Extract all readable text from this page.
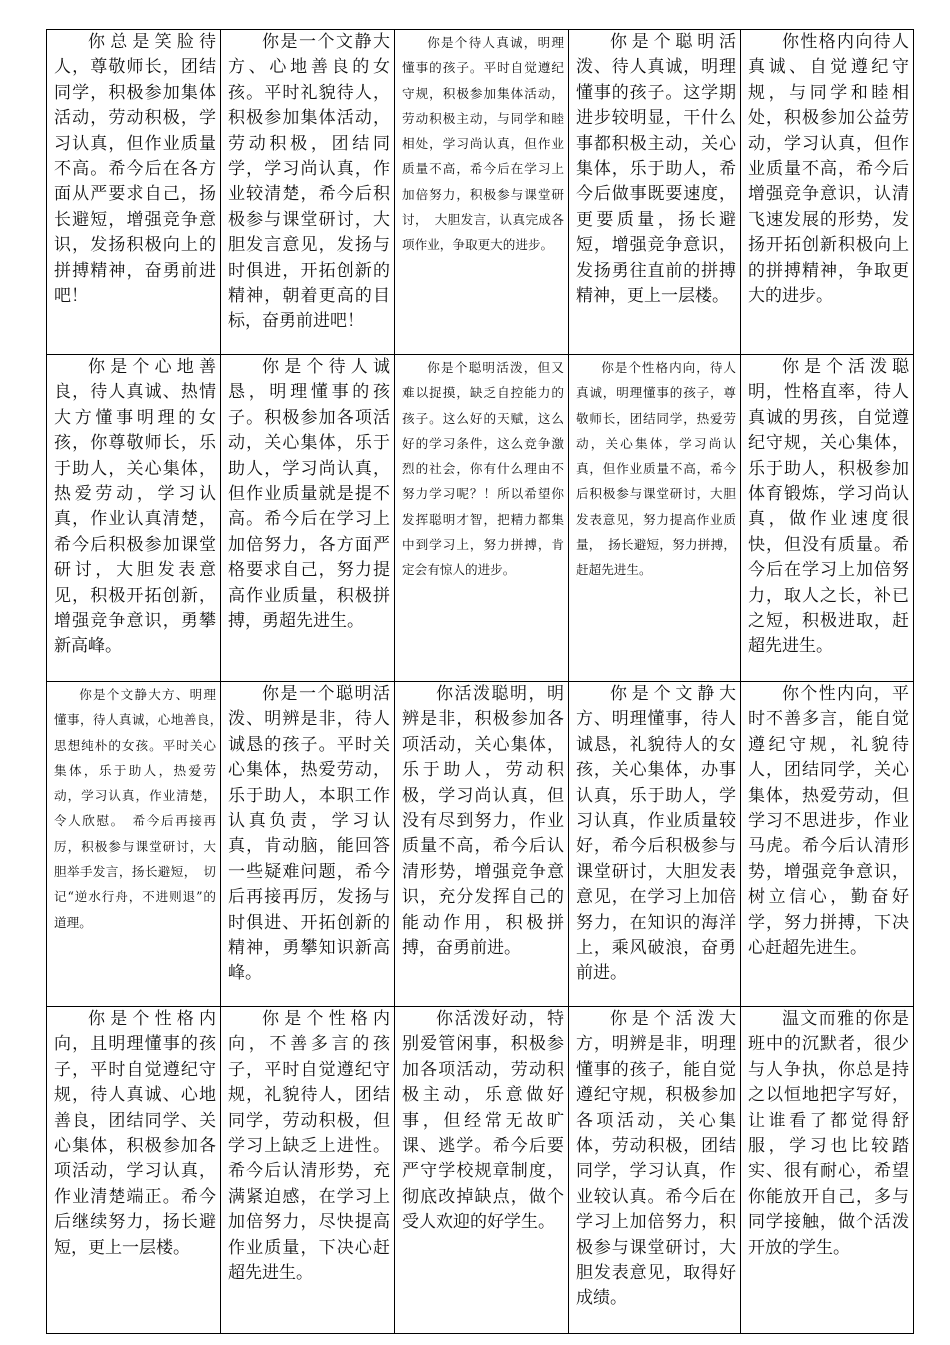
你总是笑脸待人，尊敬师长，团结同学，积极参加集体活动，劳动积极，学习认真，但作业质量不高。希今后在各方面从严要求自己，扬长避短，增强竞争意识，发扬积极向上的拼搏精神，奋勇前进吧！	你是一个文静大方、心地善良的女孩。平时礼貌待人，积极参加集体活动，劳动积极，团结同学，学习尚认真，作业较清楚，希今后积极参与课堂研讨，大胆发言意见，发扬与时俱进，开拓创新的精神，朝着更高的目标，奋勇前进吧！	你是个待人真诚，明理懂事的孩子。平时自觉遵纪守规，积极参加集体活动，劳动积极主动，与同学和睦相处，学习尚认真，但作业质量不高，希今后在学习上加倍努力，积极参与课堂研讨，　大胆发言，认真完成各项作业，争取更大的进步。	你是个聪明活泼、待人真诚，明理懂事的孩子。这学期进步较明显，干什么事都积极主动，关心集体，乐于助人，希今后做事既要速度，更要质量，扬长避短，增强竞争意识，发扬勇往直前的拼搏精神，更上一层楼。	你性格内向待人真诚、自觉遵纪守规，与同学和睦相处，积极参加公益劳动，学习认真，但作业质量不高，希今后增强竞争意识，认清飞速发展的形势，发扬开拓创新积极向上的拼搏精神，争取更大的进步。

你是个心地善良，待人真诚、热情大方懂事明理的女孩，你尊敬师长，乐于助人，关心集体，热爱劳动，学习认真，作业认真清楚，希今后积极参加课堂研讨，大胆发表意见，积极开拓创新，增强竞争意识，勇攀新高峰。	你是个待人诚恳，明理懂事的孩子。积极参加各项活动，关心集体，乐于助人，学习尚认真，但作业质量就是提不高。希今后在学习上加倍努力，各方面严格要求自己，努力提高作业质量，积极拼搏，勇超先进生。	你是个聪明活泼，但又难以捉摸，缺乏自控能力的孩子。这么好的天赋，这么好的学习条件，这么竞争激烈的社会，你有什么理由不努力学习呢？！所以希望你发挥聪明才智，把精力都集中到学习上，努力拼搏，肯定会有惊人的进步。	你是个性格内向，待人真诚，明理懂事的孩子，尊敬师长，团结同学，热爱劳动，关心集体，学习尚认真，但作业质量不高，希今后积极参与课堂研讨，大胆发表意见，努力提高作业质量，　扬长避短，努力拼搏，赶超先进生。	你是个活泼聪明，性格直率，待人真诚的男孩，自觉遵纪守规，关心集体，乐于助人，积极参加体育锻炼，学习尚认真，做作业速度很快，但没有质量。希今后在学习上加倍努力，取人之长，补已之短，积极进取，赶超先进生。

你是个文静大方、明理懂事，待人真诚，心地善良，　思想纯朴的女孩。平时关心集体，乐于助人，热爱劳动，学习认真，作业清楚，令人欣慰。　希今后再接再厉，积极参与课堂研讨，大胆举手发言，扬长避短，　切记“逆水行舟，不进则退”的道理。	你是一个聪明活泼、明辨是非，待人诚恳的孩子。平时关心集体，热爱劳动，乐于助人，本职工作认真负责，学习认真，肯动脑，能回答一些疑难问题，希今后再接再厉，发扬与时俱进、开拓创新的精神，勇攀知识新高峰。	你活泼聪明，明辨是非，积极参加各项活动，关心集体，乐于助人，劳动积极，学习尚认真，但没有尽到努力，作业质量不高，希今后认清形势，增强竞争意识，充分发挥自己的能动作用，积极拼搏，奋勇前进。	你是个文静大方、明理懂事，待人诚恳，礼貌待人的女孩，关心集体，办事认真，乐于助人，学习认真，作业质量较好，希今后积极参与课堂研讨，大胆发表意见，在学习上加倍努力，在知识的海洋上，乘风破浪，奋勇前进。	你个性内向，平时不善多言，能自觉遵纪守规，礼貌待人，团结同学，关心集体，热爱劳动，但学习不思进步，作业马虎。希今后认清形势，增强竞争意识，树立信心，勤奋好学，努力拼搏，下决心赶超先进生。

你是个性格内向，且明理懂事的孩子，平时自觉遵纪守规，待人真诚、心地善良，团结同学、关心集体，积极参加各项活动，学习认真，作业清楚端正。希今后继续努力，扬长避短，更上一层楼。	你是个性格内向，不善多言的孩子，平时自觉遵纪守规，礼貌待人，团结同学，劳动积极，但学习上缺乏上进性。希今后认清形势，充满紧迫感，在学习上加倍努力，尽快提高作业质量，下决心赶超先进生。	你活泼好动，特别爱管闲事，积极参加各项活动，劳动积极主动，乐意做好事，但经常无故旷课、逃学。希今后要严守学校规章制度，彻底改掉缺点，做个受人欢迎的好学生。	你是个活泼大方，明辨是非，明理懂事的孩子，能自觉遵纪守规，积极参加各项活动，关心集体，劳动积极，团结同学，学习认真，作业较认真。希今后在学习上加倍努力，积极参与课堂研讨，大胆发表意见，取得好成绩。	温文而雅的你是班中的沉默者，很少与人争执，你总是持之以恒地把字写好，让谁看了都觉得舒服，学习也比较踏实、很有耐心，希望你能放开自己，多与同学接触，做个活泼开放的学生。
